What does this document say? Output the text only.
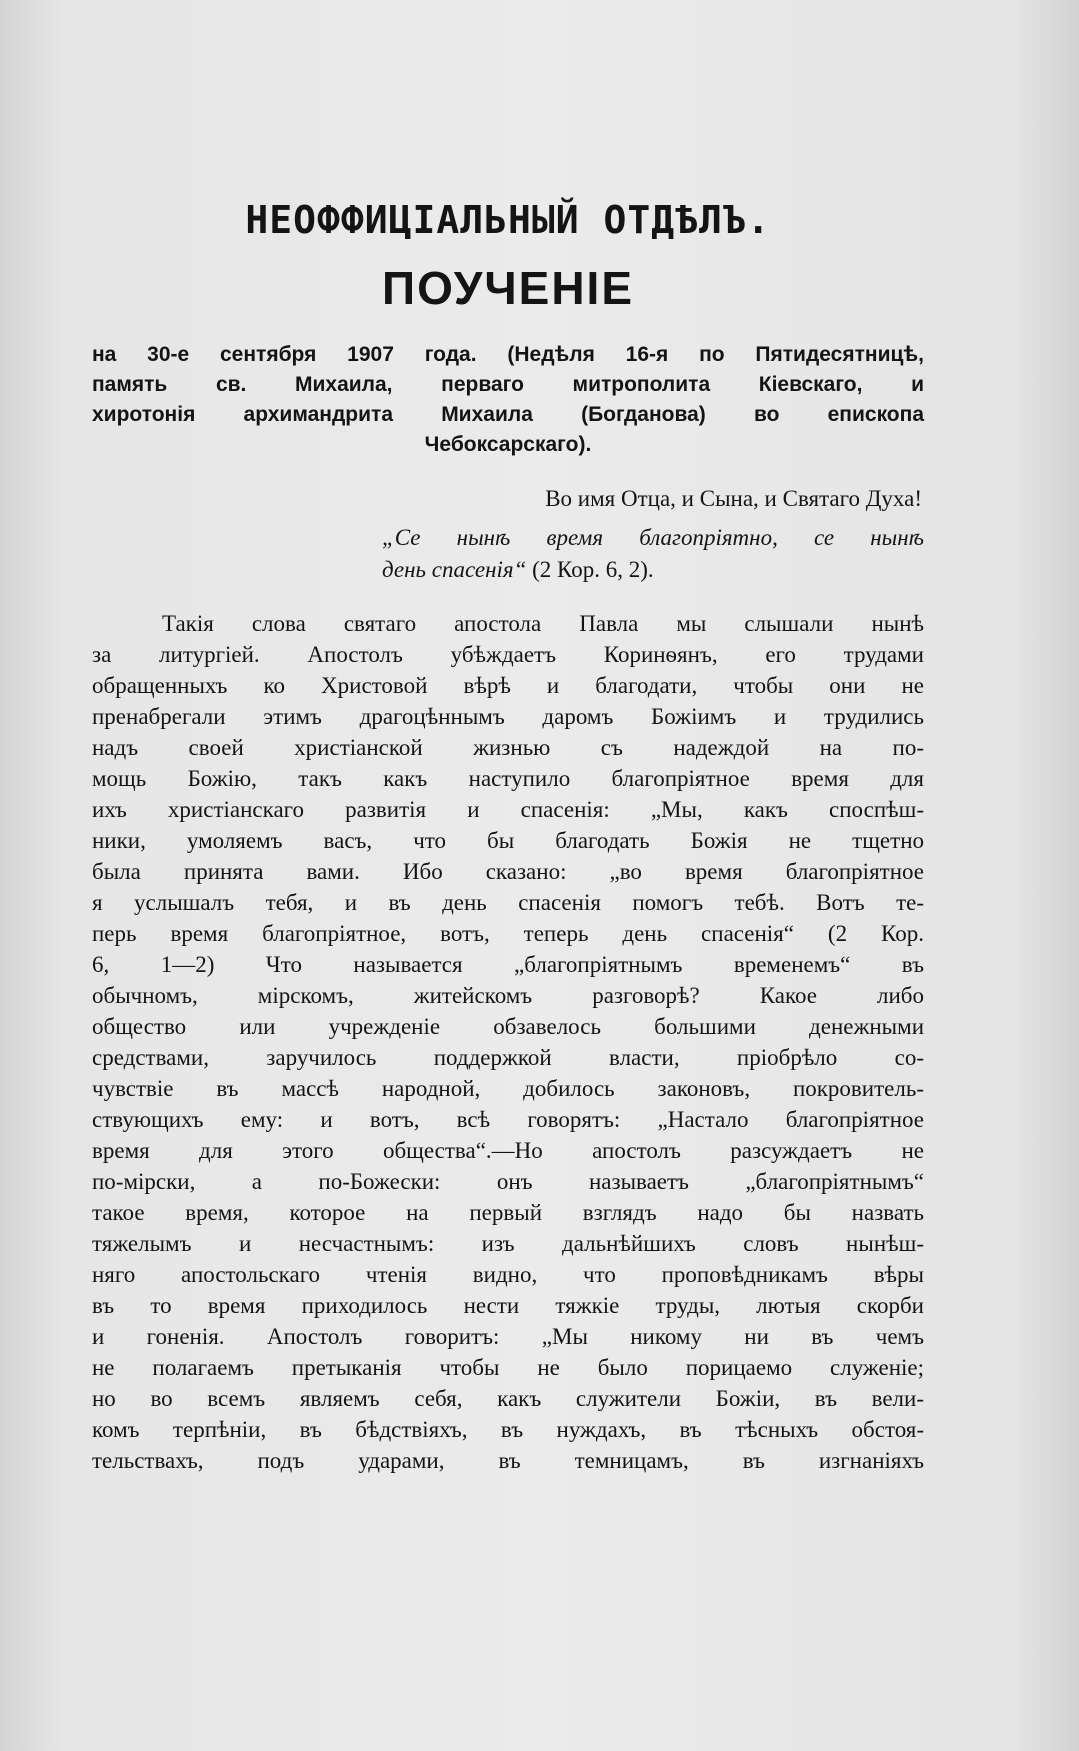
НЕОФФИЦІАЛЬНЫЙ ОТДѢЛЪ.
ПОУЧЕНІЕ
на 30-е сентября 1907 года. (Недѣля 16-я по Пятидесятницѣ,
память св. Михаила, перваго митрополита Кіевскаго, и
хиротонія архимандрита Михаила (Богданова) во епископа
Чебоксарскаго).
Во имя Отца, и Сына, и Святаго Духа!
„Се нынѣ время благопріятно, се нынѣ
день спасенія“ (2 Кор. 6, 2).
Такія слова святаго апостола Павла мы слышали нынѣ
за литургіей. Апостолъ убѣждаетъ Коринѳянъ, его трудами
обращенныхъ ко Христовой вѣрѣ и благодати, чтобы они не
пренабрегали этимъ драгоцѣннымъ даромъ Божіимъ и трудились
надъ своей христіанской жизнью съ надеждой на по-
мощь Божію, такъ какъ наступило благопріятное время для
ихъ христіанскаго развитія и спасенія: „Мы, какъ споспѣш-
ники, умоляемъ васъ, что бы благодать Божія не тщетно
была принята вами. Ибо сказано: „во время благопріятное
я услышалъ тебя, и въ день спасенія помогъ тебѣ. Вотъ те-
перь время благопріятное, вотъ, теперь день спасенія“ (2 Кор.
6, 1—2) Что называется „благопріятнымъ временемъ“ въ
обычномъ, мірскомъ, житейскомъ разговорѣ? Какое либо
общество или учрежденіе обзавелось большими денежными
средствами, заручилось поддержкой власти, пріобрѣло со-
чувствіе въ массѣ народной, добилось законовъ, покровитель-
ствующихъ ему: и вотъ, всѣ говорятъ: „Настало благопріятное
время для этого общества“.—Но апостолъ разсуждаетъ не
по-мірски, а по-Божески: онъ называетъ „благопріятнымъ“
такое время, которое на первый взглядъ надо бы назвать
тяжелымъ и несчастнымъ: изъ дальнѣйшихъ словъ нынѣш-
няго апостольскаго чтенія видно, что проповѣдникамъ вѣры
въ то время приходилось нести тяжкіе труды, лютыя скорби
и гоненія. Апостолъ говоритъ: „Мы никому ни въ чемъ
не полагаемъ претыканія чтобы не было порицаемо служеніе;
но во всемъ являемъ себя, какъ служители Божіи, въ вели-
комъ терпѣніи, въ бѣдствіяхъ, въ нуждахъ, въ тѣсныхъ обстоя-
тельствахъ, подъ ударами, въ темницамъ, въ изгнаніяхъ
